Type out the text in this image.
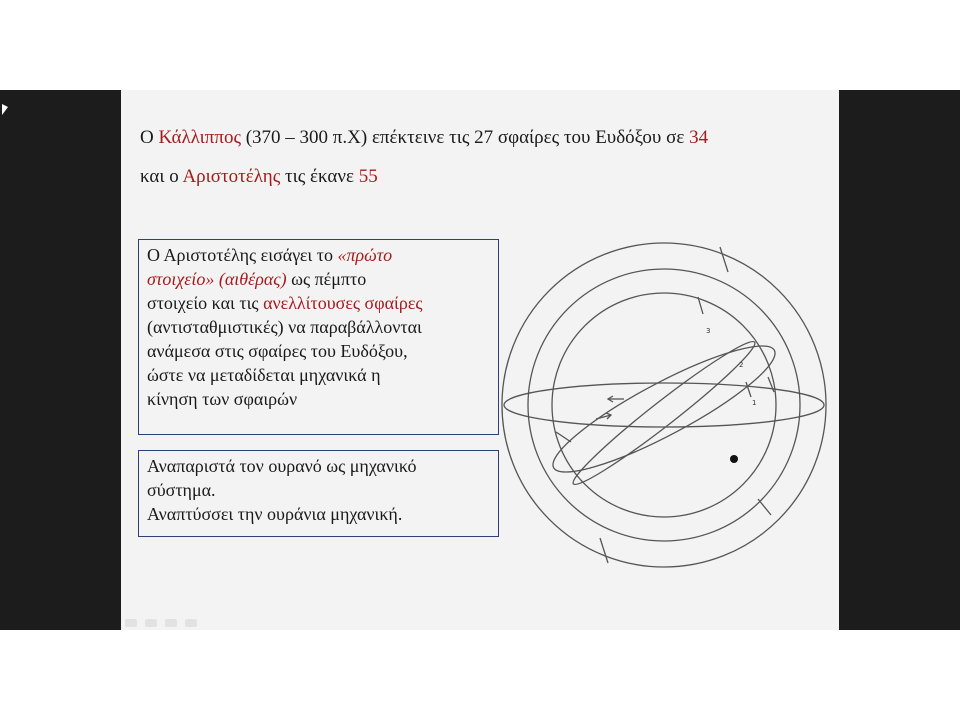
Ο Κάλλιππος (370 – 300 π.Χ) επέκτεινε τις 27 σφαίρες του Ευδόξου σε 34
και ο Αριστοτέλης τις έκανε 55
Ο Αριστοτέλης εισάγει το «πρώτο
στοιχείο» (αιθέρας) ως πέμπτο
στοιχείο και τις ανελλίτουσες σφαίρες
(αντισταθμιστικές) να παραβάλλονται
ανάμεσα στις σφαίρες του Ευδόξου,
ώστε να μεταδίδεται μηχανικά η
κίνηση των σφαιρών
Αναπαριστά τον ουρανό ως μηχανικό
σύστημα.
Αναπτύσσει την ουράνια μηχανική.
3
2
1
